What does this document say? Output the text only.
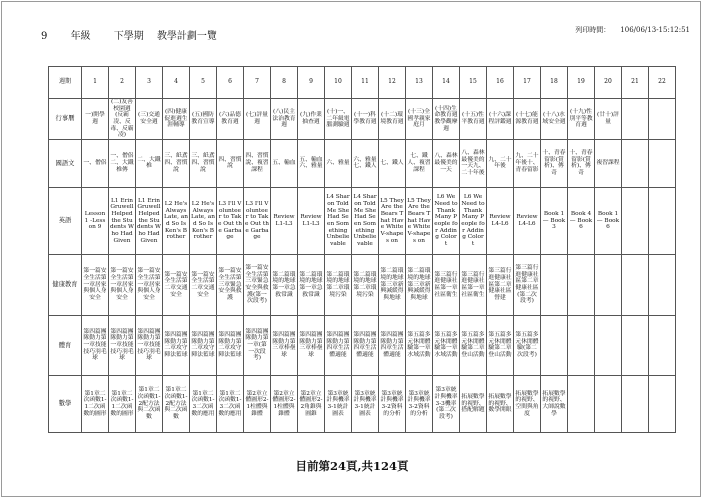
9 年級 下學期 教學計劃一覽
列印時間： 106/06/13-15:12:51
週期	1	2	3	4	5	6	7	8	9	10	11	12	13	14	15	16	17	18	19	20	21	22

行事曆	一)開學週	(二)友善校園週(反霸凌、反毒、反霸凌)	(三)交通安全週	(四)健康促進週生涯輔導	(五)國防教育宣導	(六)品德教育週	(七)評量週	(八)民主法治教育週	(九)作業抽查週	(十)一、二年級電腦測驗週	(十一)科學教育週	(十二)環境教育週	(十三)全國孝親家庭月	(十四)生命教育週教學觀摩週	(十五)性平教育週	(十六)課程評鑑週	(十七)能源教育週	(十八)水域安全週	(十九)性別平等教育週	(廿十)評量		

國語文	一、僧侶	一、僧侶二、大鐵椎傳	二、大鐵椎	三、紙鳶四、習慣說	三、紙鳶四、習慣說	四、習慣說	四、習慣說、複習課程	五、輸血	五、輸血六、雅量	六、雅量	六、雅量七、鐵人	七、鐵人	七、鐵人、複習課程	八、森林最優美的一天	八、森林最優美的一天九、二十年後	九、二十年後	九、二十年後十、青春留影	十、青春留影(賞析)、傳奇	十、青春留影(賞析)、傳奇	複習課程		

英語	Lesson 1 -Lesson 9	L1 Erin Gruwell Helped the Students Who Had Given	L1 Erin Gruwell Helped the Students Who Had Given	L2 He's Always Late, and So Is Ken's Brother	L2 He's Always Late, and So Is Ken's Brother	L3 I'll Volunteer to Take Out the Garbage	L3 I'll Volunteer to Take Out the Garbage	Review L1-L3	Review L1-L3	L4 Sharon Told Me She Had Seen Something Unbelievable	L4 Sharon Told Me She Had Seen Something Unbelievable	L5 They Are the Bears That Have White V-shapes on	L5 They Are the Bears That Have White V-shapes on	L6 We Need to Thank Many People for Adding Color t	L6 We Need to Thank Many People for Adding Color t	Review L4-L6	Review L4-L6	Book 1 — Book 3	Book 4 — Book 6	Book 1 — Book 6		

健康教育	第一篇安全生活第一章居家與個人身安全	第一篇安全生活第一章居家與個人身安全	第一篇安全生活第一章居家與個人身安全	第一篇安全生活第二章交通安全	第一篇安全生活第二章交通安全	第一篇安全生活第三章緊急安全與救護	第一篇安全生活第三章緊急安全與救護(第一次段考)	第二篇環境的地球第一章急救常識	第二篇環境的地球第一章急救常識	第二篇環境的地球第二章環境污染	第二篇環境的地球第二章環境污染	第二篇環境的地球第三章新興減緩得與地球	第二篇環境的地球第三章新興減緩得與地球	第三篇行進健康社區第一章社區衛生	第三篇行進健康社區第一章社區衛生	第三篇行進健康社區第二章健康社區營建	第三篇行進健康社區第二章健康社區(第二次段考)					

體育	第四篇團隊動力第一章技能技巧羽毛球	第四篇團隊動力第一章技能技巧羽毛球	第四篇團隊動力第一章技能技巧羽毛球	第四篇團隊動力第二章攻守陣法籃球	第四篇團隊動力第二章攻守陣法籃球	第四篇團隊動力第二章攻守陣法籃球	第四篇團隊動力第一章(第一次段考)	第四篇團隊動力第三章棒壘球	第四篇團隊動力第三章棒壘球	第四篇團隊動力第四章生活體適能	第四篇團隊動力第四章生活體適能	第四篇團隊動力第四章生活體適能	第五篇多元休閒體驗第一章水域活動	第五篇多元休閒體驗第一章水域活動	第五篇多元休閒體驗第二章登山活動	第五篇多元休閒體驗第二章登山活動	第五篇多元休閒體驗(第二次段考)					

數學	第1章二次函數1-1二次函數的圖形	第1章二次函數1-1二次函數的圖形	第1章二次函數1-2配方法與二次函數	第1章二次函數1-2配方法與二次函數	第1章二次函數1-3二次函數的應用	第1章二次函數1-3二次函數的應用	第2章立體圖形2-1柱體與錐體	第2章立體圖形2-1柱體與錐體	第2章立體圖形2-2角錐與圓錐	第3章統計與機率3-1統計圖表	第3章統計與機率3-1統計圖表	第3章統計與機率3-2資料的分析	第3章統計與機率3-2資料的分析	第3章統計與機率3-3機率(第二次段考)	拓展數學的視野、搭配解題	拓展數學的視野、數學開眼	拓展數學的視野、空間與角度	拓展數學的視野、大師說數學				

目前第24頁,共124頁
